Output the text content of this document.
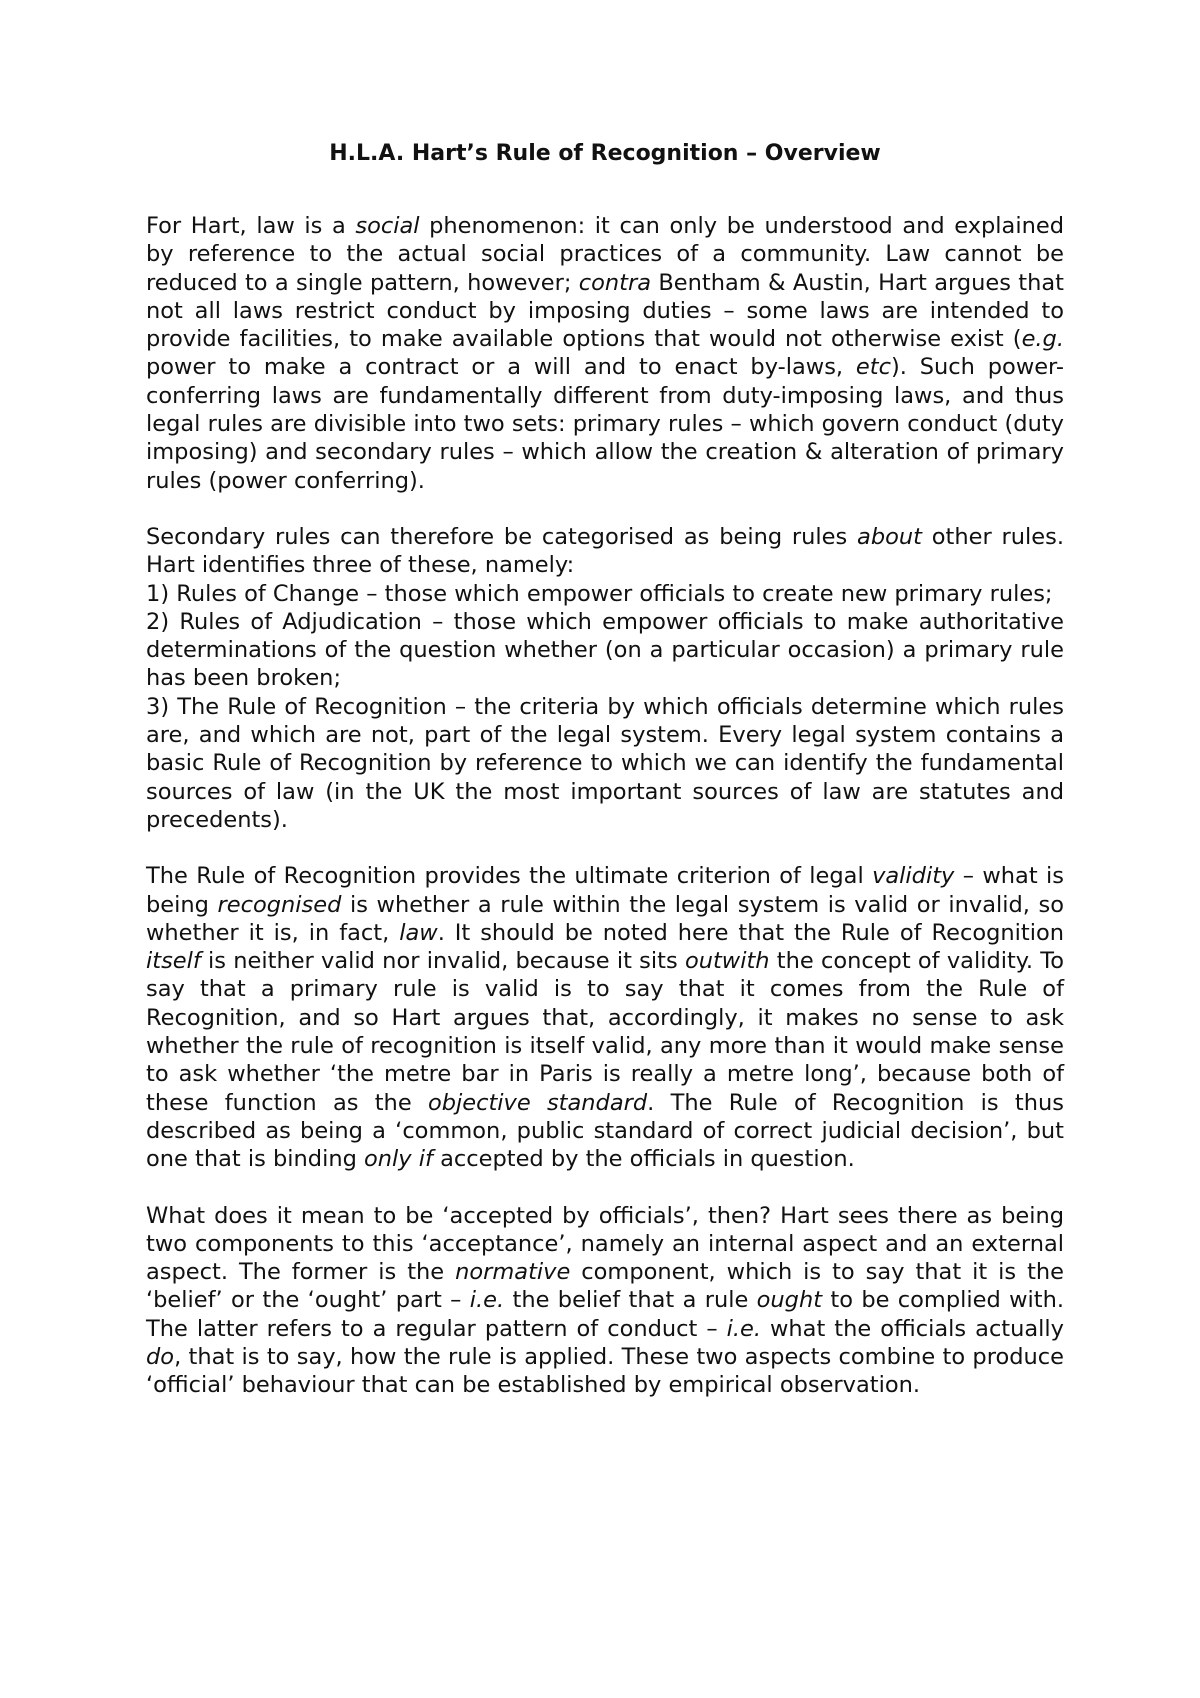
H.L.A. Hart’s Rule of Recognition – Overview

For Hart, law is a social phenomenon: it can only be understood and explained by reference to the actual social practices of a community. Law cannot be reduced to a single pattern, however; contra Bentham & Austin, Hart argues that not all laws restrict conduct by imposing duties – some laws are intended to provide facilities, to make available options that would not otherwise exist (e.g. power to make a contract or a will and to enact by-laws, etc). Such power-conferring laws are fundamentally different from duty-imposing laws, and thus legal rules are divisible into two sets: primary rules – which govern conduct (duty imposing) and secondary rules – which allow the creation & alteration of primary rules (power conferring).

Secondary rules can therefore be categorised as being rules about other rules. Hart identifies three of these, namely:

1) Rules of Change – those which empower officials to create new primary rules;

2) Rules of Adjudication – those which empower officials to make authoritative determinations of the question whether (on a particular occasion) a primary rule has been broken;

3) The Rule of Recognition – the criteria by which officials determine which rules are, and which are not, part of the legal system. Every legal system contains a basic Rule of Recognition by reference to which we can identify the fundamental sources of law (in the UK the most important sources of law are statutes and precedents).

The Rule of Recognition provides the ultimate criterion of legal validity – what is being recognised is whether a rule within the legal system is valid or invalid, so whether it is, in fact, law. It should be noted here that the Rule of Recognition itself is neither valid nor invalid, because it sits outwith the concept of validity. To say that a primary rule is valid is to say that it comes from the Rule of Recognition, and so Hart argues that, accordingly, it makes no sense to ask whether the rule of recognition is itself valid, any more than it would make sense to ask whether ‘the metre bar in Paris is really a metre long’, because both of these function as the objective standard. The Rule of Recognition is thus described as being a ‘common, public standard of correct judicial decision’, but one that is binding only if accepted by the officials in question.

What does it mean to be ‘accepted by officials’, then? Hart sees there as being two components to this ‘acceptance’, namely an internal aspect and an external aspect. The former is the normative component, which is to say that it is the ‘belief’ or the ‘ought’ part – i.e. the belief that a rule ought to be complied with. The latter refers to a regular pattern of conduct – i.e. what the officials actually do, that is to say, how the rule is applied. These two aspects combine to produce ‘official’ behaviour that can be established by empirical observation.
